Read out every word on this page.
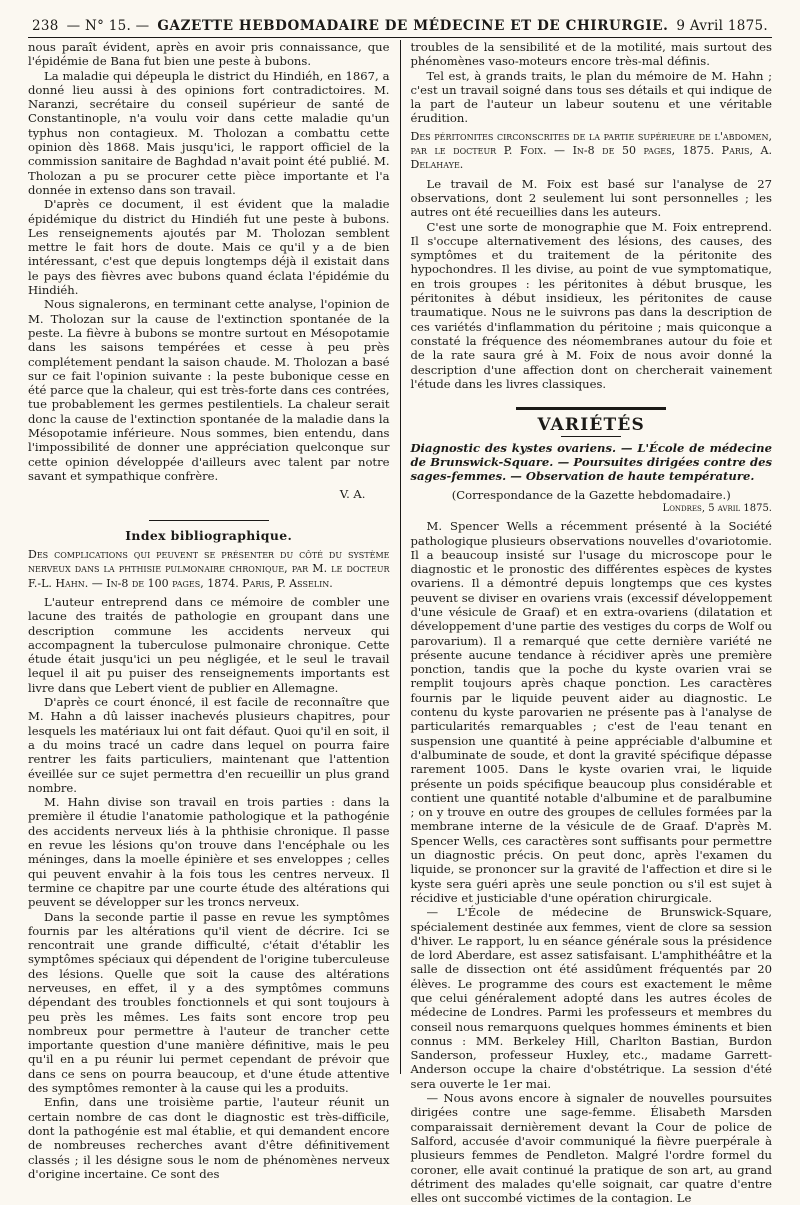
238 — N° 15. — GAZETTE HEBDOMADAIRE DE MÉDECINE ET DE CHIRURGIE. 9 Avril 1875.

nous paraît évident, après en avoir pris connaissance, que l'épidémie de Bana fut bien une peste à bubons.

La maladie qui dépeupla le district du Hindiéh, en 1867, a donné lieu aussi à des opinions fort contradictoires. M. Naranzi, secrétaire du conseil supérieur de santé de Constantinople, n'a voulu voir dans cette maladie qu'un typhus non contagieux. M. Tholozan a combattu cette opinion dès 1868. Mais jusqu'ici, le rapport officiel de la commission sanitaire de Baghdad n'avait point été publié. M. Tholozan a pu se procurer cette pièce importante et l'a donnée in extenso dans son travail.

D'après ce document, il est évident que la maladie épidémique du district du Hindiéh fut une peste à bubons. Les renseignements ajoutés par M. Tholozan semblent mettre le fait hors de doute. Mais ce qu'il y a de bien intéressant, c'est que depuis longtemps déjà il existait dans le pays des fièvres avec bubons quand éclata l'épidémie du Hindiéh.

Nous signalerons, en terminant cette analyse, l'opinion de M. Tholozan sur la cause de l'extinction spontanée de la peste. La fièvre à bubons se montre surtout en Mésopotamie dans les saisons tempérées et cesse à peu près complétement pendant la saison chaude. M. Tholozan a basé sur ce fait l'opinion suivante : la peste bubonique cesse en été parce que la chaleur, qui est très-forte dans ces contrées, tue probablement les germes pestilentiels. La chaleur serait donc la cause de l'extinction spontanée de la maladie dans la Mésopotamie inférieure. Nous sommes, bien entendu, dans l'impossibilité de donner une appréciation quelconque sur cette opinion développée d'ailleurs avec talent par notre savant et sympathique confrère.

V. A.
Index bibliographique.

Des complications qui peuvent se présenter du côté du système nerveux dans la phthisie pulmonaire chronique, par M. le docteur F.-L. Hahn. — In-8 de 100 pages, 1874. Paris, P. Asselin.

L'auteur entreprend dans ce mémoire de combler une lacune des traités de pathologie en groupant dans une description commune les accidents nerveux qui accompagnent la tuberculose pulmonaire chronique. Cette étude était jusqu'ici un peu négligée, et le seul le travail lequel il ait pu puiser des renseignements importants est livre dans que Lebert vient de publier en Allemagne.

D'après ce court énoncé, il est facile de reconnaître que M. Hahn a dû laisser inachevés plusieurs chapitres, pour lesquels les matériaux lui ont fait défaut. Quoi qu'il en soit, il a du moins tracé un cadre dans lequel on pourra faire rentrer les faits particuliers, maintenant que l'attention éveillée sur ce sujet permettra d'en recueillir un plus grand nombre.

M. Hahn divise son travail en trois parties : dans la première il étudie l'anatomie pathologique et la pathogénie des accidents nerveux liés à la phthisie chronique. Il passe en revue les lésions qu'on trouve dans l'encéphale ou les méninges, dans la moelle épinière et ses enveloppes ; celles qui peuvent envahir à la fois tous les centres nerveux. Il termine ce chapitre par une courte étude des altérations qui peuvent se développer sur les troncs nerveux.

Dans la seconde partie il passe en revue les symptômes fournis par les altérations qu'il vient de décrire. Ici se rencontrait une grande difficulté, c'était d'établir les symptômes spéciaux qui dépendent de l'origine tuberculeuse des lésions. Quelle que soit la cause des altérations nerveuses, en effet, il y a des symptômes communs dépendant des troubles fonctionnels et qui sont toujours à peu près les mêmes. Les faits sont encore trop peu nombreux pour permettre à l'auteur de trancher cette importante question d'une manière définitive, mais le peu qu'il en a pu réunir lui permet cependant de prévoir que dans ce sens on pourra beaucoup, et d'une étude attentive des symptômes remonter à la cause qui les a produits.

Enfin, dans une troisième partie, l'auteur réunit un certain nombre de cas dont le diagnostic est très-difficile, dont la pathogénie est mal établie, et qui demandent encore de nombreuses recherches avant d'être définitivement classés ; il les désigne sous le nom de phénomènes nerveux d'origine incertaine. Ce sont des

troubles de la sensibilité et de la motilité, mais surtout des phénomènes vaso-moteurs encore très-mal définis.

Tel est, à grands traits, le plan du mémoire de M. Hahn ; c'est un travail soigné dans tous ses détails et qui indique de la part de l'auteur un labeur soutenu et une véritable érudition.

Des péritonites circonscrites de la partie supérieure de l'abdomen, par le docteur P. Foix. — In-8 de 50 pages, 1875. Paris, A. Delahaye.

Le travail de M. Foix est basé sur l'analyse de 27 observations, dont 2 seulement lui sont personnelles ; les autres ont été recueillies dans les auteurs.

C'est une sorte de monographie que M. Foix entreprend. Il s'occupe alternativement des lésions, des causes, des symptômes et du traitement de la péritonite des hypochondres. Il les divise, au point de vue symptomatique, en trois groupes : les péritonites à début brusque, les péritonites à début insidieux, les péritonites de cause traumatique. Nous ne le suivrons pas dans la description de ces variétés d'inflammation du péritoine ; mais quiconque a constaté la fréquence des néomembranes autour du foie et de la rate saura gré à M. Foix de nous avoir donné la description d'une affection dont on chercherait vainement l'étude dans les livres classiques.

VARIÉTÉS

Diagnostic des kystes ovariens. — L'École de médecine de Brunswick-Square. — Poursuites dirigées contre des sages-femmes. — Observation de haute température.

(Correspondance de la Gazette hebdomadaire.)

Londres, 5 avril 1875.

M. Spencer Wells a récemment présenté à la Société pathologique plusieurs observations nouvelles d'ovariotomie. Il a beaucoup insisté sur l'usage du microscope pour le diagnostic et le pronostic des différentes espèces de kystes ovariens. Il a démontré depuis longtemps que ces kystes peuvent se diviser en ovariens vrais (excessif développement d'une vésicule de Graaf) et en extra-ovariens (dilatation et développement d'une partie des vestiges du corps de Wolf ou parovarium). Il a remarqué que cette dernière variété ne présente aucune tendance à récidiver après une première ponction, tandis que la poche du kyste ovarien vrai se remplit toujours après chaque ponction. Les caractères fournis par le liquide peuvent aider au diagnostic. Le contenu du kyste parovarien ne présente pas à l'analyse de particularités remarquables ; c'est de l'eau tenant en suspension une quantité à peine appréciable d'albumine et d'albuminate de soude, et dont la gravité spécifique dépasse rarement 1005. Dans le kyste ovarien vrai, le liquide présente un poids spécifique beaucoup plus considérable et contient une quantité notable d'albumine et de paralbumine ; on y trouve en outre des groupes de cellules formées par la membrane interne de la vésicule de de Graaf. D'après M. Spencer Wells, ces caractères sont suffisants pour permettre un diagnostic précis. On peut donc, après l'examen du liquide, se prononcer sur la gravité de l'affection et dire si le kyste sera guéri après une seule ponction ou s'il est sujet à récidive et justiciable d'une opération chirurgicale.

— L'École de médecine de Brunswick-Square, spécialement destinée aux femmes, vient de clore sa session d'hiver. Le rapport, lu en séance générale sous la présidence de lord Aberdare, est assez satisfaisant. L'amphithéâtre et la salle de dissection ont été assidûment fréquentés par 20 élèves. Le programme des cours est exactement le même que celui généralement adopté dans les autres écoles de médecine de Londres. Parmi les professeurs et membres du conseil nous remarquons quelques hommes éminents et bien connus : MM. Berkeley Hill, Charlton Bastian, Burdon Sanderson, professeur Huxley, etc., madame Garrett-Anderson occupe la chaire d'obstétrique. La session d'été sera ouverte le 1er mai.

— Nous avons encore à signaler de nouvelles poursuites dirigées contre une sage-femme. Élisabeth Marsden comparaissait dernièrement devant la Cour de police de Salford, accusée d'avoir communiqué la fièvre puerpérale à plusieurs femmes de Pendleton. Malgré l'ordre formel du coroner, elle avait continué la pratique de son art, au grand détriment des malades qu'elle soignait, car quatre d'entre elles ont succombé victimes de la contagion. Le
